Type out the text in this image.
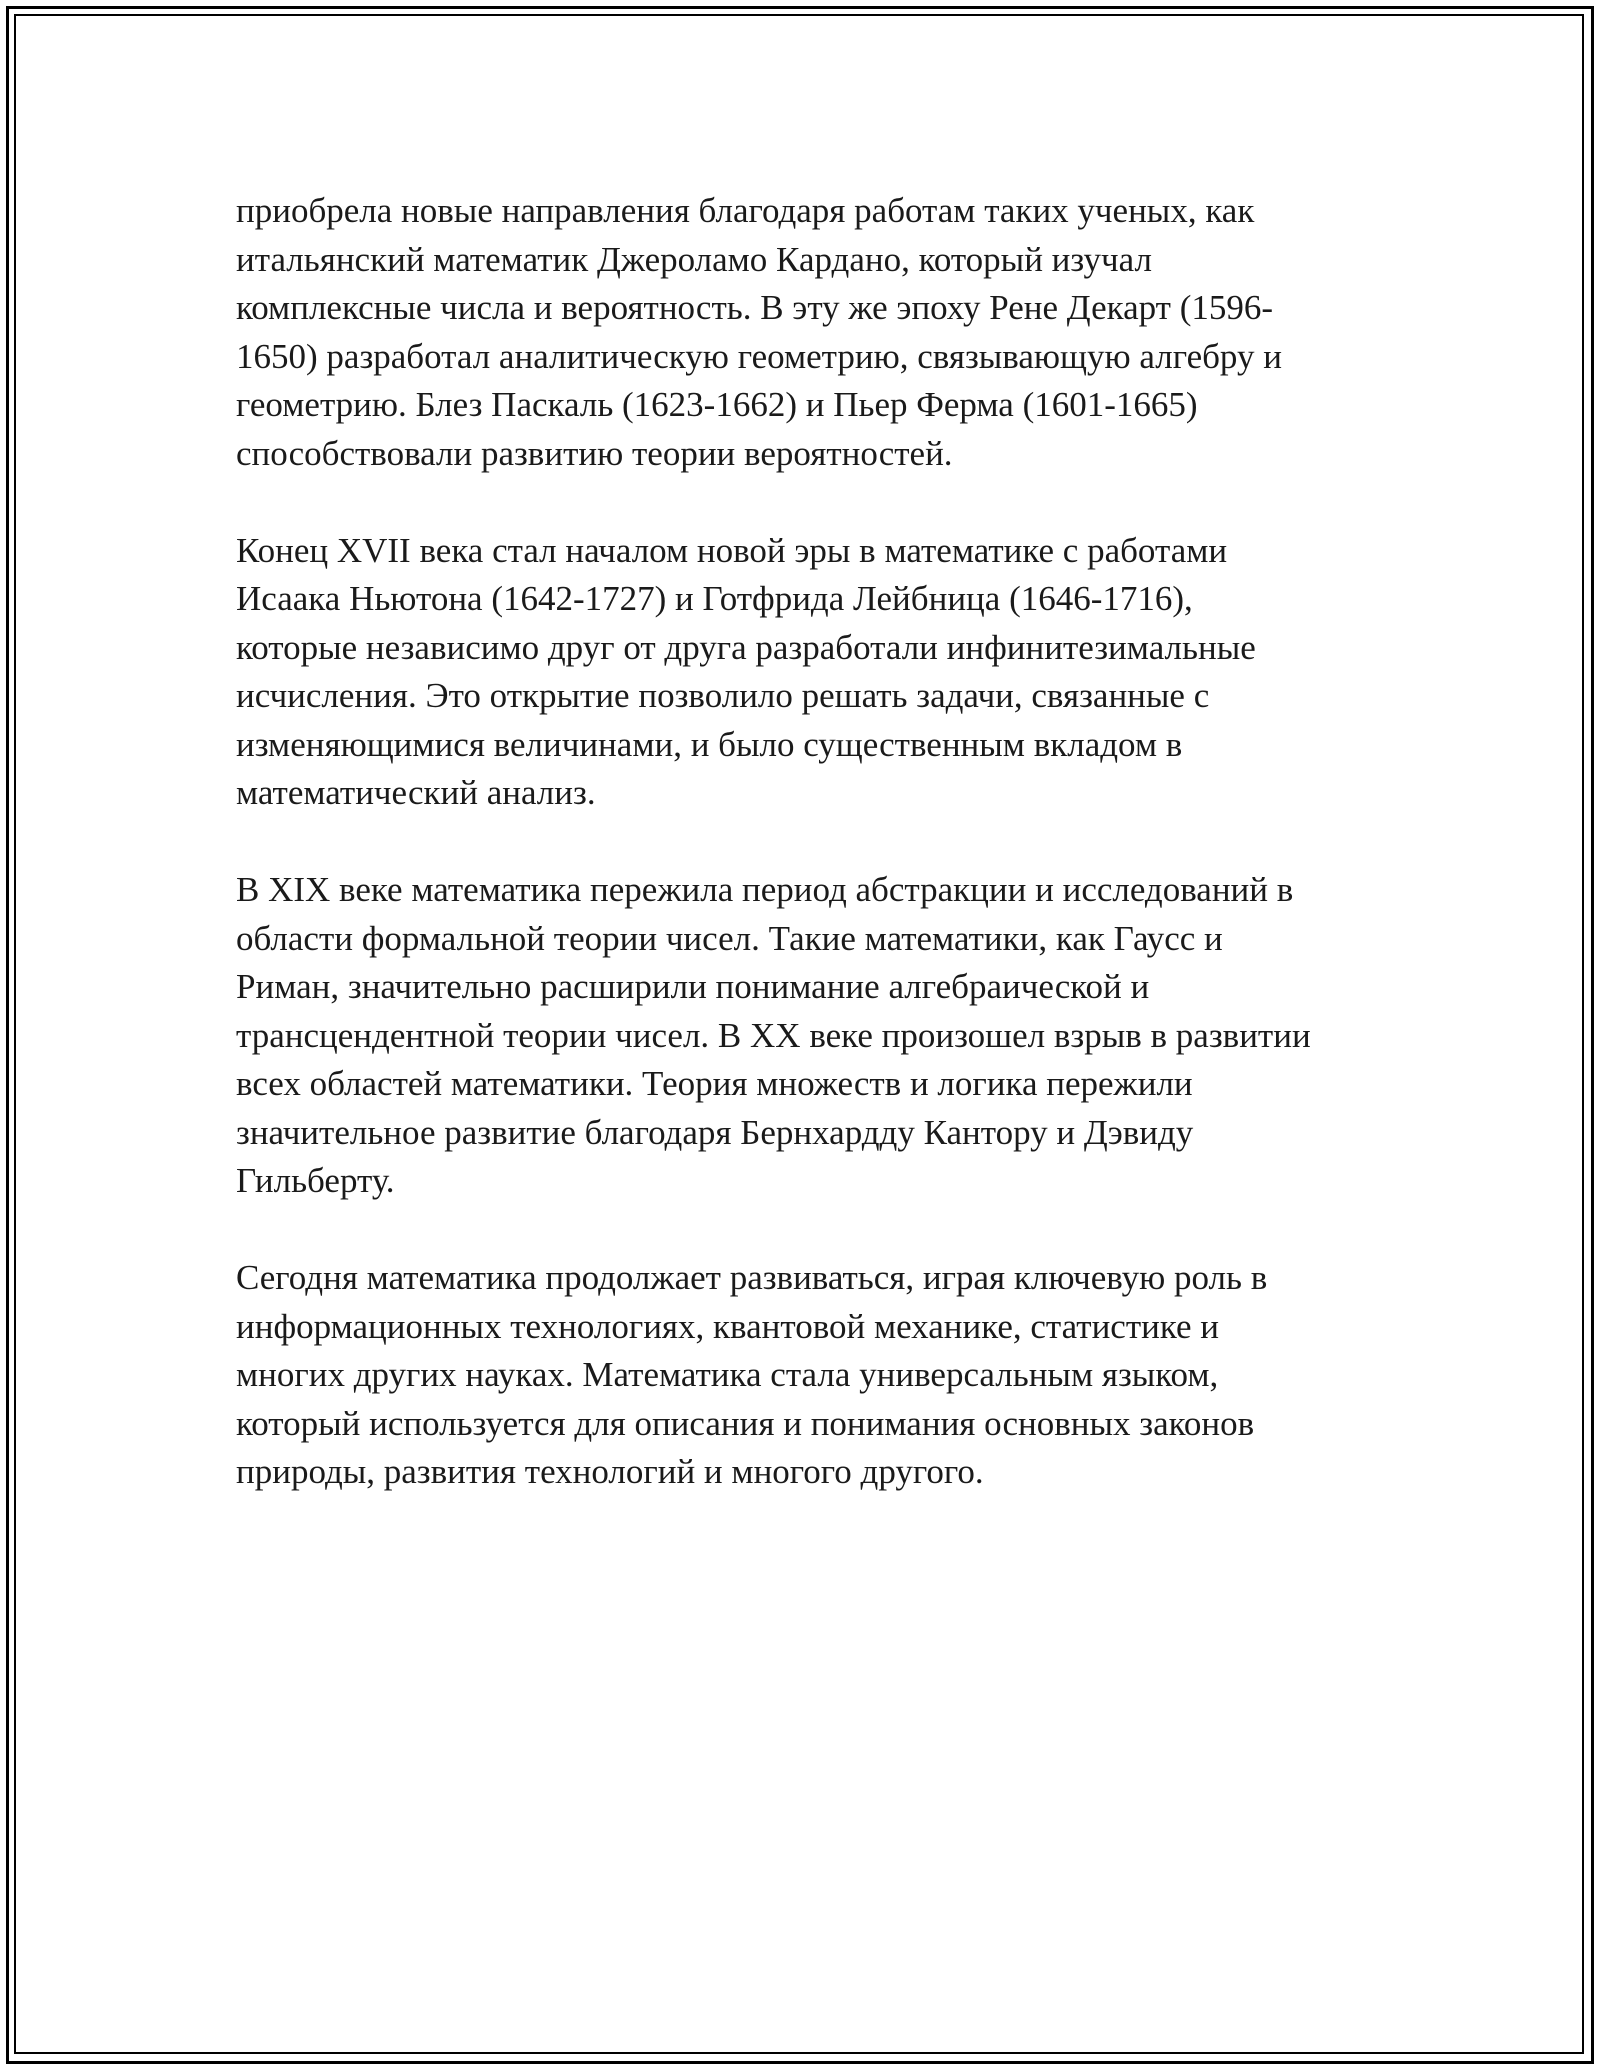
приобрела новые направления благодаря работам таких ученых, как
итальянский математик Джероламо Кардано, который изучал
комплексные числа и вероятность. В эту же эпоху Рене Декарт (1596-
1650) разработал аналитическую геометрию, связывающую алгебру и
геометрию. Блез Паскаль (1623-1662) и Пьер Ферма (1601-1665)
способствовали развитию теории вероятностей.

Конец XVII века стал началом новой эры в математике с работами
Исаака Ньютона (1642-1727) и Готфрида Лейбница (1646-1716),
которые независимо друг от друга разработали инфинитезимальные
исчисления. Это открытие позволило решать задачи, связанные с
изменяющимися величинами, и было существенным вкладом в
математический анализ.

В XIX веке математика пережила период абстракции и исследований в
области формальной теории чисел. Такие математики, как Гаусс и
Риман, значительно расширили понимание алгебраической и
трансцендентной теории чисел. В XX веке произошел взрыв в развитии
всех областей математики. Теория множеств и логика пережили
значительное развитие благодаря Бернхардду Кантору и Дэвиду
Гильберту.

Сегодня математика продолжает развиваться, играя ключевую роль в
информационных технологиях, квантовой механике, статистике и
многих других науках. Математика стала универсальным языком,
который используется для описания и понимания основных законов
природы, развития технологий и многого другого.
